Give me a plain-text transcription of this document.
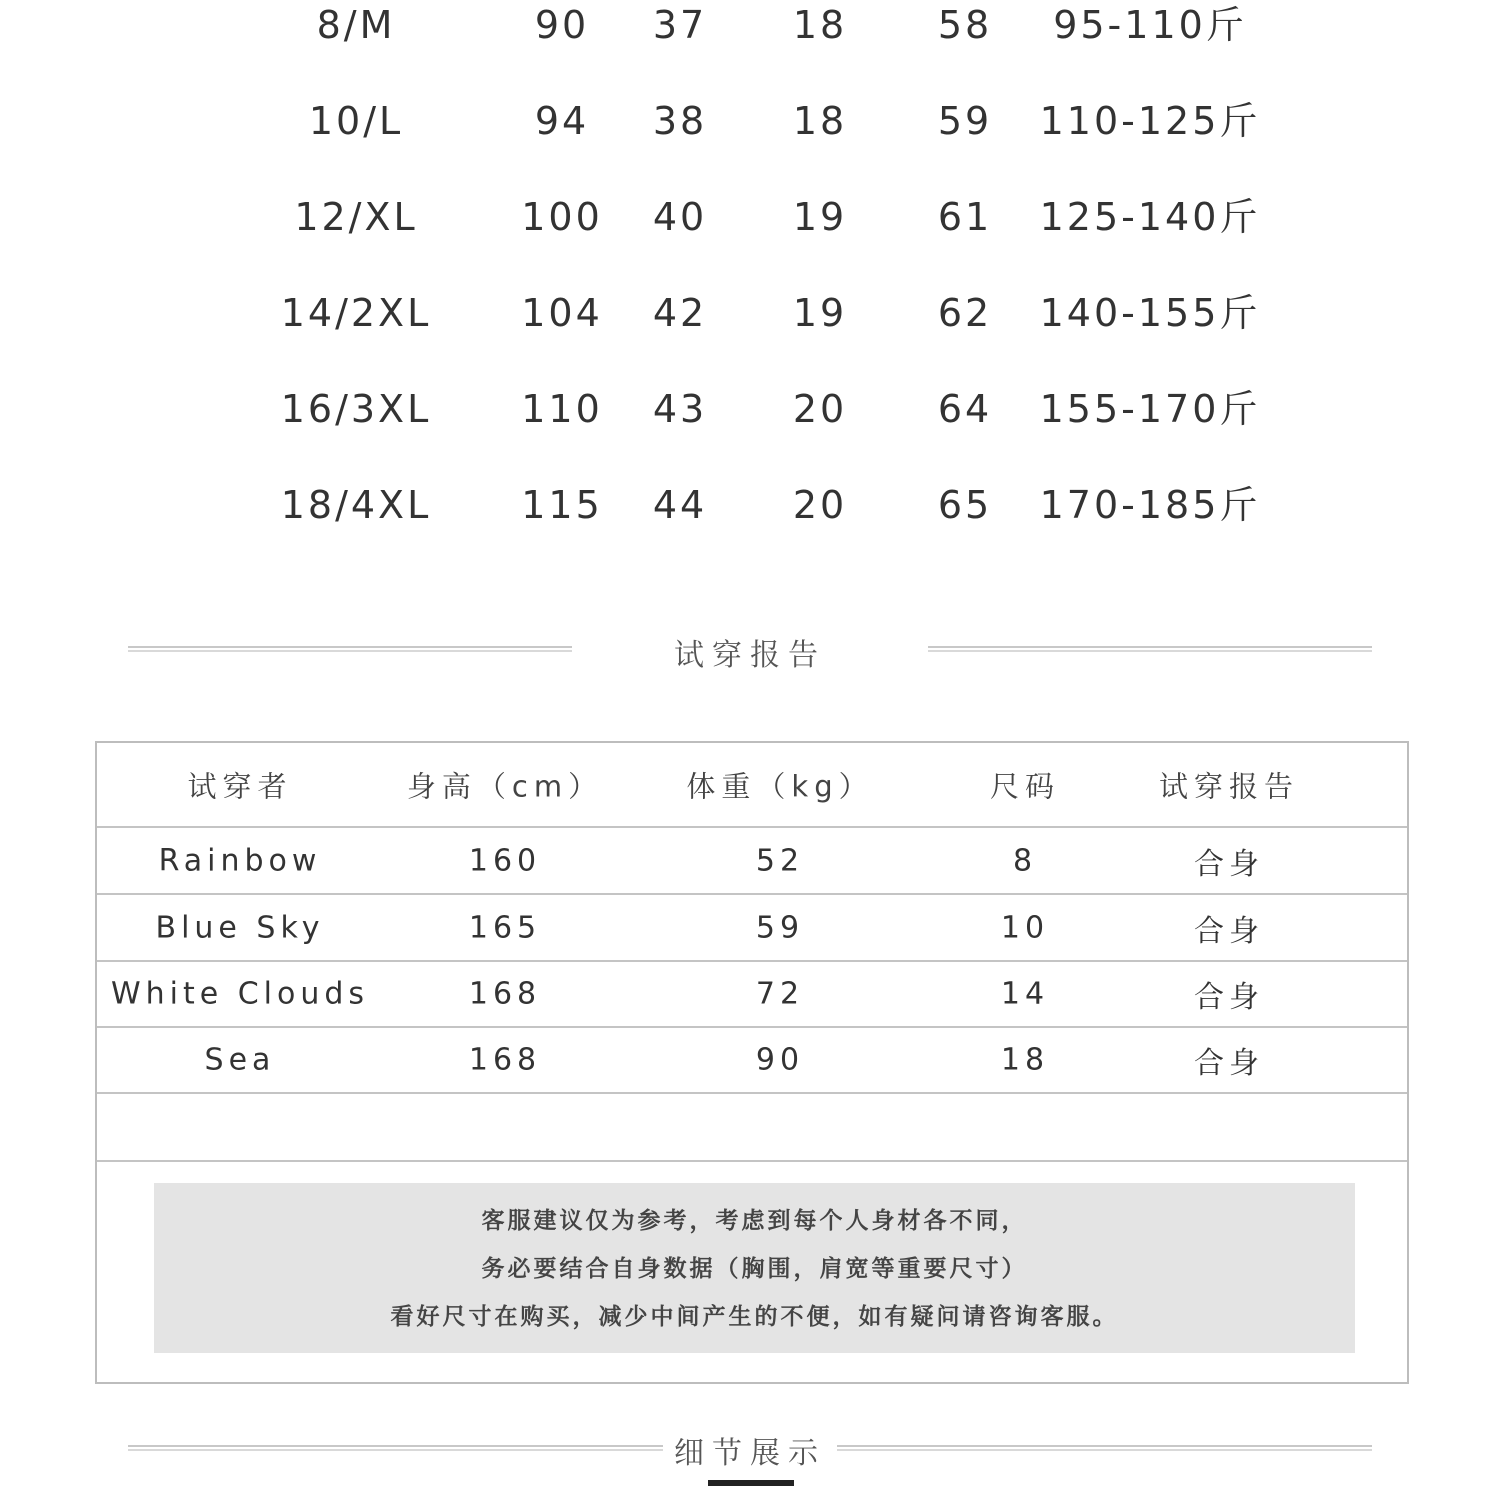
8/M	90 37 18 58 95-110斤
10/L	94 38 18 59 110-125斤
12/XL	100 40 19 61 125-140斤
14/2XL 104 42 19 62 140-155斤
16/3XL 110 43 20 64 155-170斤
18/4XL 115 44 20 65 170-185斤
试穿报告
试穿者	身高（cm）	体重（kg）	尺码	试穿报告
Rainbow	160	52	8	合身
Blue Sky	165	59	10	合身
White Clouds	168	72	14	合身
Sea	168	90	18	合身
客服建议仅为参考，考虑到每个人身材各不同，
务必要结合自身数据（胸围，肩宽等重要尺寸）
看好尺寸在购买，减少中间产生的不便，如有疑问请咨询客服。
细节展示
